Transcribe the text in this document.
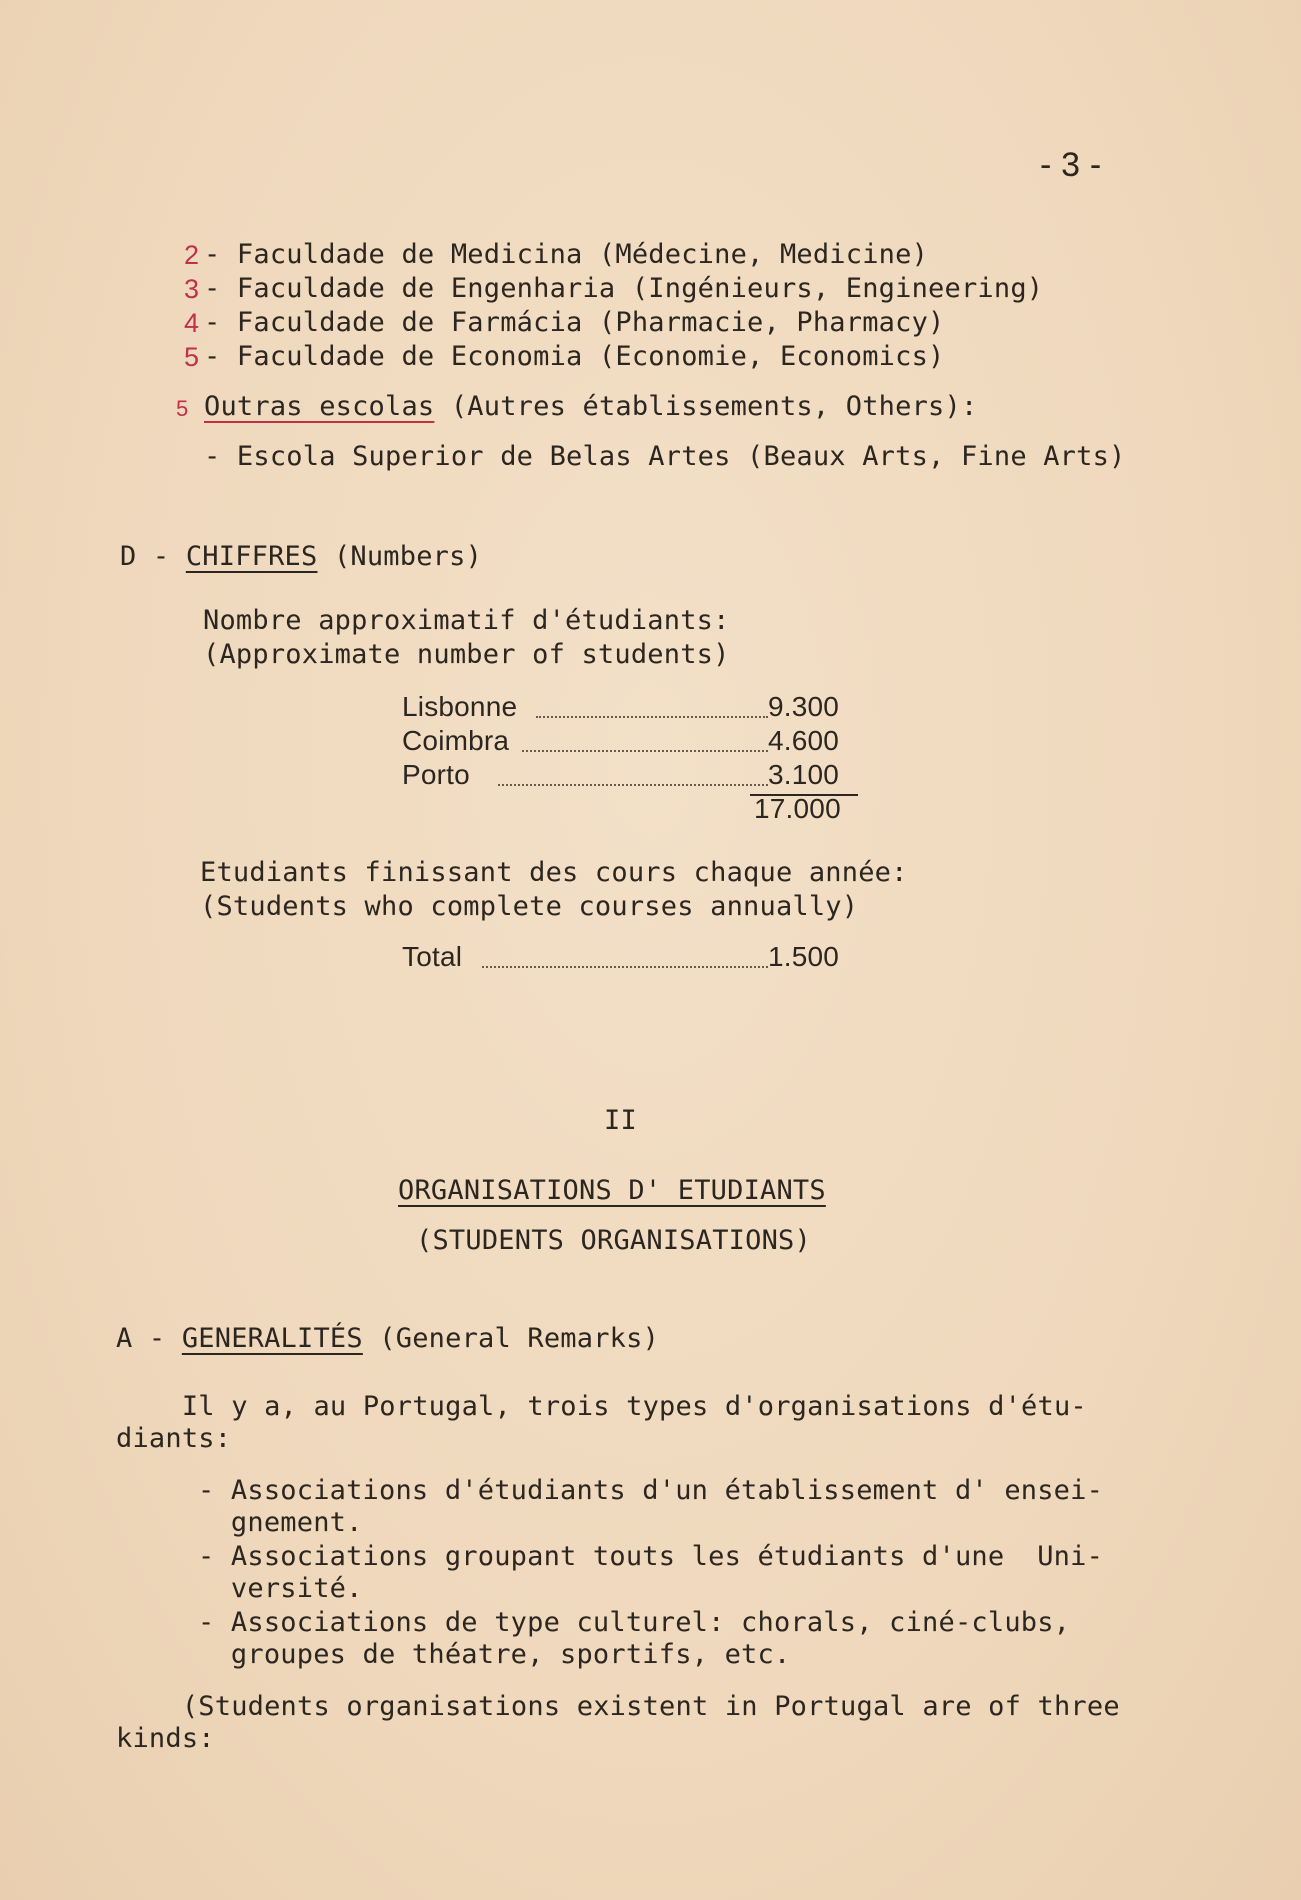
- 3 -
2 - Faculdade de Medicina (Médecine, Medicine)
3 - Faculdade de Engenharia (Ingénieurs, Engineering)
4 - Faculdade de Farmácia (Pharmacie, Pharmacy)
5 - Faculdade de Economia (Economie, Economics)
5 Outras escolas (Autres établissements, Others):
- Escola Superior de Belas Artes (Beaux Arts, Fine Arts)
D - CHIFFRES (Numbers)
Nombre approximatif d'étudiants:
(Approximate number of students)
Lisbonne	9.300
Coimbra	4.600
Porto	3.100
17.000
Etudiants finissant des cours chaque année:
(Students who complete courses annually)
Total	1.500
II
ORGANISATIONS D' ETUDIANTS
(STUDENTS ORGANISATIONS)
A - GENERALITÉS (General Remarks)
Il y a, au Portugal, trois types d'organisations d'étu-
diants:
- Associations d'étudiants d'un établissement d' ensei-
gnement.
- Associations groupant touts les étudiants d'une  Uni-
versité.
- Associations de type culturel: chorals, ciné-clubs,
groupes de théatre, sportifs, etc.
(Students organisations existent in Portugal are of three
kinds:
